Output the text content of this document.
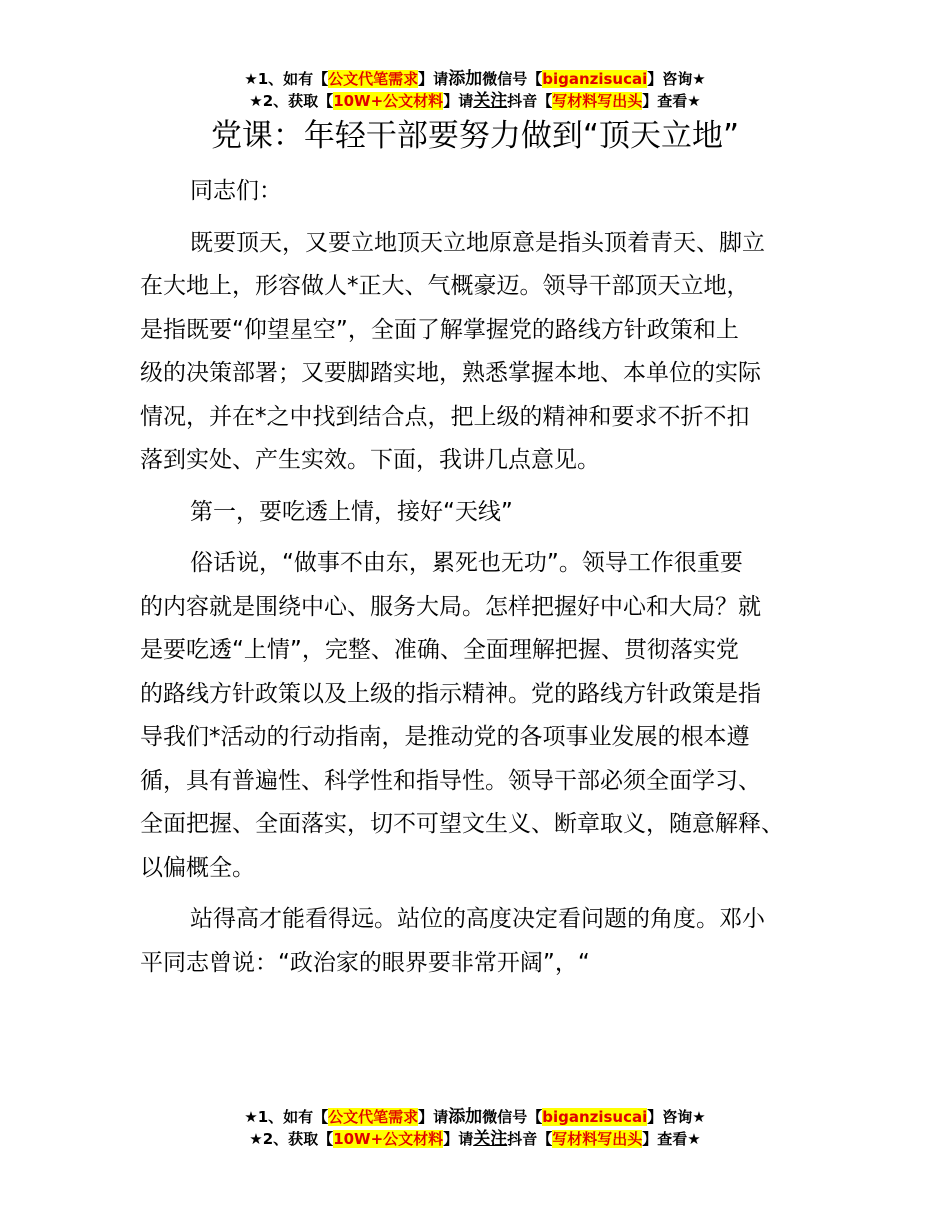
★1、如有【公文代笔需求】请添加微信号【biganzisucai】咨询★
★2、获取【10W+公文材料】请关注抖音【写材料写出头】查看★
党课：年轻干部要努力做到“顶天立地”

同志们：

既要顶天，又要立地顶天立地原意是指头顶着青天、脚立
在大地上，形容做人*正大、气概豪迈。领导干部顶天立地，
是指既要“仰望星空”，全面了解掌握党的路线方针政策和上
级的决策部署；又要脚踏实地，熟悉掌握本地、本单位的实际
情况，并在*之中找到结合点，把上级的精神和要求不折不扣
落到实处、产生实效。下面，我讲几点意见。

第一，要吃透上情，接好“天线”

俗话说，“做事不由东，累死也无功”。领导工作很重要
的内容就是围绕中心、服务大局。怎样把握好中心和大局？就
是要吃透“上情”，完整、准确、全面理解把握、贯彻落实党
的路线方针政策以及上级的指示精神。党的路线方针政策是指
导我们*活动的行动指南，是推动党的各项事业发展的根本遵
循，具有普遍性、科学性和指导性。领导干部必须全面学习、
全面把握、全面落实，切不可望文生义、断章取义，随意解释、
以偏概全。

站得高才能看得远。站位的高度决定看问题的角度。邓小
平同志曾说：“政治家的眼界要非常开阔”，“

★1、如有【公文代笔需求】请添加微信号【biganzisucai】咨询★
★2、获取【10W+公文材料】请关注抖音【写材料写出头】查看★
